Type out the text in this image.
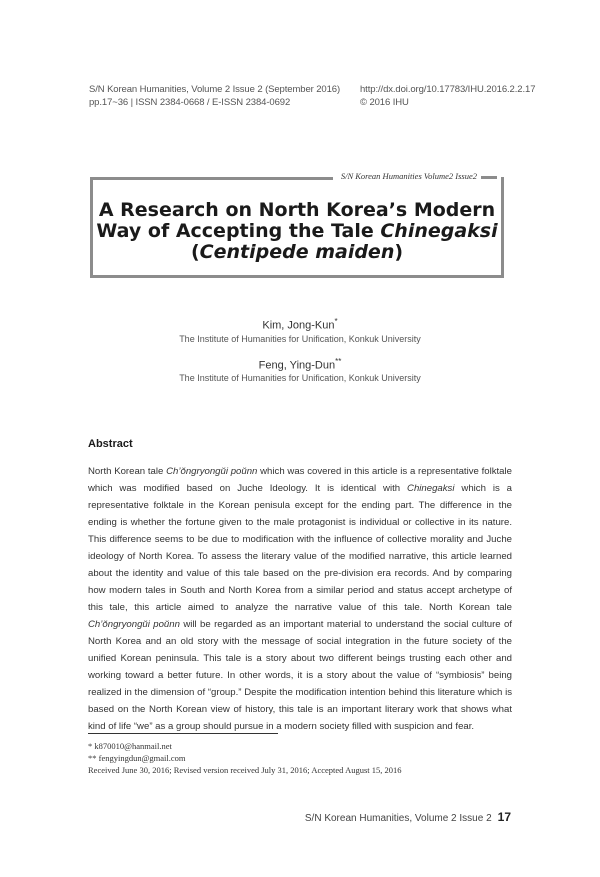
S/N Korean Humanities, Volume 2 Issue 2 (September 2016)
pp.17~36 | ISSN 2384-0668 / E-ISSN 2384-0692
http://dx.doi.org/10.17783/IHU.2016.2.2.17
© 2016 IHU
S/N Korean Humanities Volume2 Issue2
A Research on North Korea’s Modern
Way of Accepting the Tale Chinegaksi
(Centipede maiden)
Kim, Jong-Kun*
The Institute of Humanities for Unification, Konkuk University
Feng, Ying-Dun**
The Institute of Humanities for Unification, Konkuk University
Abstract

North Korean tale Ch’ŏngryongŭi poŭnn which was covered in this article is a representative folktale which was modified based on Juche Ideology. It is identical with Chinegaksi which is a representative folktale in the Korean penisula except for the ending part. The difference in the ending is whether the fortune given to the male protagonist is individual or collective in its nature. This difference seems to be due to modification with the influence of collective morality and Juche ideology of North Korea. To assess the literary value of the modified narrative, this article learned about the identity and value of this tale based on the pre-division era records. And by comparing how modern tales in South and North Korea from a similar period and status accept archetype of this tale, this article aimed to analyze the narrative value of this tale. North Korean tale Ch’ŏngryongŭi poŭnn will be regarded as an important material to understand the social culture of North Korea and an old story with the message of social integration in the future society of the unified Korean peninsula. This tale is a story about two different beings trusting each other and working toward a better future. In other words, it is a story about the value of “symbiosis” being realized in the dimension of “group.” Despite the modification intention behind this literature which is based on the North Korean view of history, this tale is an important literary work that shows what kind of life “we” as a group should pursue in a modern society filled with suspicion and fear.

* k870010@hanmail.net
** fengyingdun@gmail.com
Received June 30, 2016; Revised version received July 31, 2016; Accepted August 15, 2016
S/N Korean Humanities, Volume 2 Issue 2 17
